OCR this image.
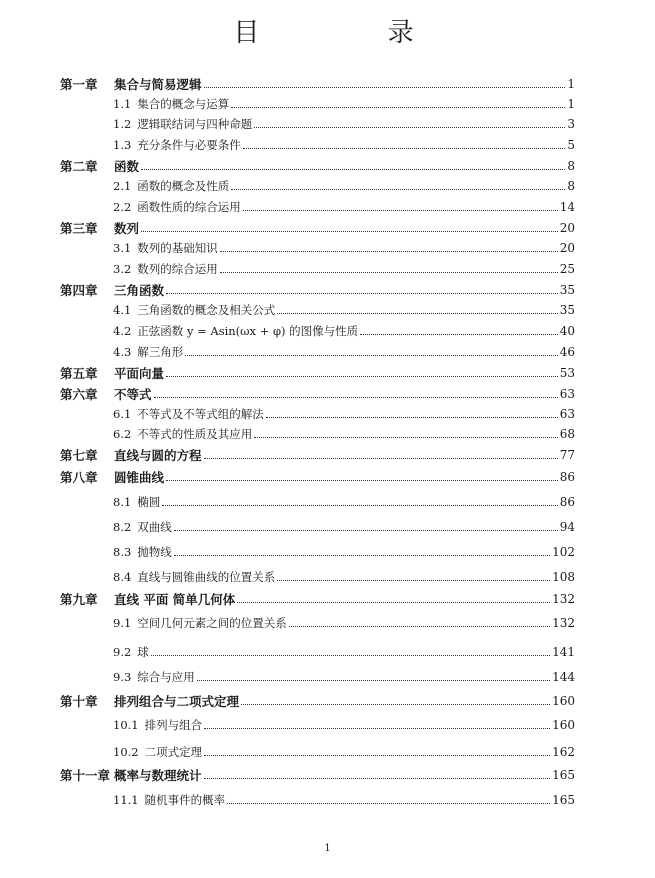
目 录
第一章 集合与简易逻辑	1
1.1 集合的概念与运算	1
1.2 逻辑联结词与四种命题	3
1.3 充分条件与必要条件	5
第二章 函数	8
2.1 函数的概念及性质	8
2.2 函数性质的综合运用	14
第三章 数列	20
3.1 数列的基础知识	20
3.2 数列的综合运用	25
第四章 三角函数	35
4.1 三角函数的概念及相关公式	35
4.2 正弦函数 y = Asin(ωx + φ) 的图像与性质	40
4.3 解三角形	46
第五章 平面向量	53
第六章 不等式	63
6.1 不等式及不等式组的解法	63
6.2 不等式的性质及其应用	68
第七章 直线与圆的方程	77
第八章 圆锥曲线	86
8.1 椭圆	86
8.2 双曲线	94
8.3 抛物线	102
8.4 直线与圆锥曲线的位置关系	108
第九章 直线 平面 简单几何体	132
9.1 空间几何元素之间的位置关系	132
9.2 球	141
9.3 综合与应用	144
第十章 排列组合与二项式定理	160
10.1 排列与组合	160
10.2 二项式定理	162
第十一章 概率与数理统计	165
11.1 随机事件的概率	165
1
